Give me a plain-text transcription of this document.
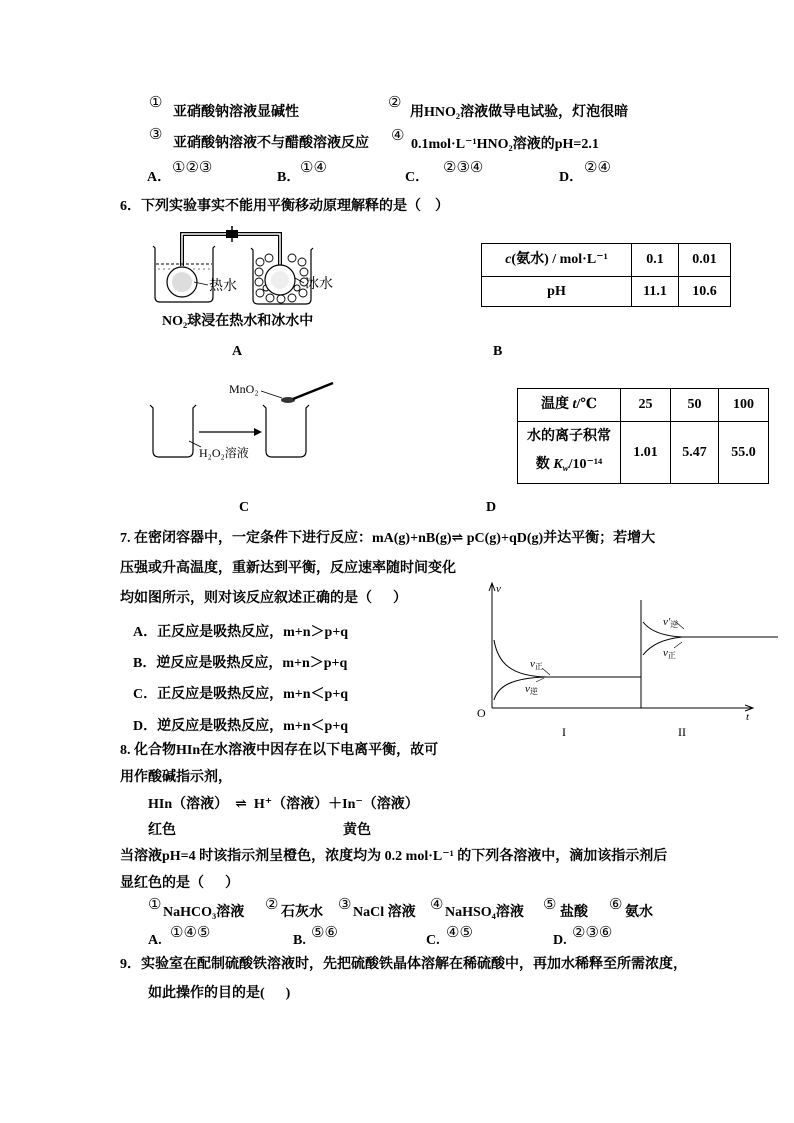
①
亚硝酸钠溶液显碱性
②
用HNO₂溶液做导电试验，灯泡很暗
③
亚硝酸钠溶液不与醋酸溶液反应 ④
0.1mol·L⁻¹HNO₂溶液的pH=2.1
A．
①②③
B．
①④
C．
②③④
D．
②④
6．下列实验事实不能用平衡移动原理解释的是（    ）
热水	冰水
NO₂球浸在热水和冰水中
A
c(氨水) / mol·L⁻¹	0.1	0.01
pH	11.1	10.6
B
H₂O₂溶液
MnO₂
C
温度 t/℃	25	50	100

水的离子积常
数 $K_w/10^{-14}$	1.01	5.47	55.0
D
7. 在密闭容器中，一定条件下进行反应：mA(g)+nB(g)⇌ pC(g)+qD(g)并达平衡；若增大
压强或升高温度，重新达到平衡，反应速率随时间变化
均如图所示，则对该反应叙述正确的是（      ）
A．正反应是吸热反应，m+n＞p+q
B．逆反应是吸热反应，m+n＞p+q
C．正反应是吸热反应，m+n＜p+q
D．逆反应是吸热反应，m+n＜p+q
v
t
O
v正
v逆
v′逆
v正
I	II
8. 化合物HIn在水溶液中因存在以下电离平衡，故可
用作酸碱指示剂，
HIn（溶液）  ⇌  H⁺（溶液）＋In⁻（溶液）
红色	黄色
当溶液pH=4 时该指示剂呈橙色，浓度均为 0.2 mol·L⁻¹ 的下列各溶液中，滴加该指示剂后
显红色的是（      ）
① NaHCO₃溶液 ② 石灰水 ③ NaCl 溶液 ④ NaHSO₄溶液 ⑤ 盐酸 ⑥ 氨水
A. ①④⑤	B. ⑤⑥	C. ④⑤	D. ②③⑥
9．实验室在配制硫酸铁溶液时，先把硫酸铁晶体溶解在稀硫酸中，再加水稀释至所需浓度，
如此操作的目的是(      )
